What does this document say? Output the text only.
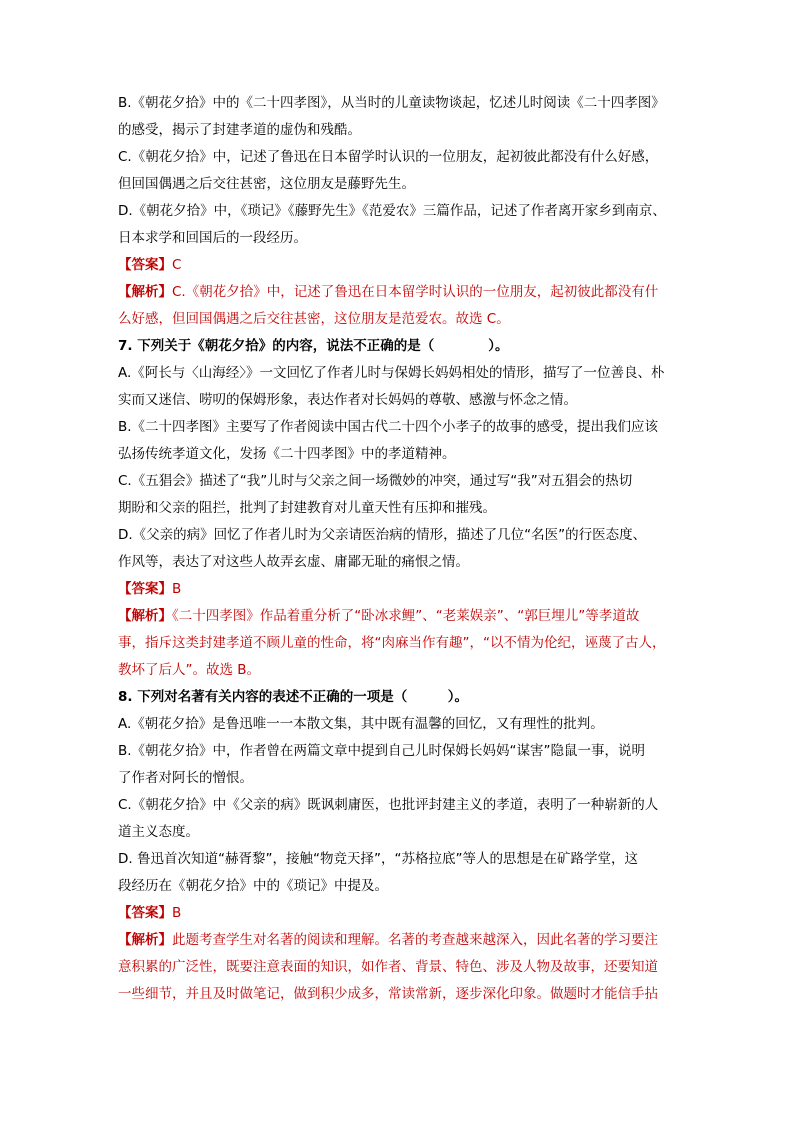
B.《朝花夕拾》中的《二十四孝图》，从当时的儿童读物谈起，忆述儿时阅读《二十四孝图》
的感受，揭示了封建孝道的虚伪和残酷。
C.《朝花夕拾》中，记述了鲁迅在日本留学时认识的一位朋友，起初彼此都没有什么好感，
但回国偶遇之后交往甚密，这位朋友是藤野先生。
D.《朝花夕拾》中，《琐记》《藤野先生》《范爱农》三篇作品，记述了作者离开家乡到南京、
日本求学和回国后的一段经历。
【答案】C
【解析】C.《朝花夕拾》中，记述了鲁迅在日本留学时认识的一位朋友，起初彼此都没有什
么好感，但回国偶遇之后交往甚密，这位朋友是范爱农。故选 C。
7. 下列关于《朝花夕拾》的内容，说法不正确的是（　　　　）。
A.《阿长与〈山海经〉》一文回忆了作者儿时与保姆长妈妈相处的情形，描写了一位善良、朴
实而又迷信、唠叨的保姆形象，表达作者对长妈妈的尊敬、感激与怀念之情。
B.《二十四孝图》主要写了作者阅读中国古代二十四个小孝子的故事的感受，提出我们应该
弘扬传统孝道文化，发扬《二十四孝图》中的孝道精神。
C.《五猖会》描述了“我”儿时与父亲之间一场微妙的冲突，通过写“我”对五猖会的热切
期盼和父亲的阻拦，批判了封建教育对儿童天性有压抑和摧残。
D.《父亲的病》回忆了作者儿时为父亲请医治病的情形，描述了几位“名医”的行医态度、
作风等，表达了对这些人故弄玄虚、庸鄙无耻的痛恨之情。
【答案】B
【解析】《二十四孝图》作品着重分析了“卧冰求鲤”、“老莱娱亲”、“郭巨埋儿”等孝道故
事，指斥这类封建孝道不顾儿童的性命，将“肉麻当作有趣”，“以不情为伦纪，诬蔑了古人，
教坏了后人”。故选 B。
8. 下列对名著有关内容的表述不正确的一项是（　　　）。
A.《朝花夕拾》是鲁迅唯一一本散文集，其中既有温馨的回忆，又有理性的批判。
B.《朝花夕拾》中，作者曾在两篇文章中提到自己儿时保姆长妈妈“谋害”隐鼠一事，说明
了作者对阿长的憎恨。
C.《朝花夕拾》中《父亲的病》既讽刺庸医，也批评封建主义的孝道，表明了一种崭新的人
道主义态度。
D. 鲁迅首次知道“赫胥黎”，接触“物竞天择”，“苏格拉底”等人的思想是在矿路学堂，这
段经历在《朝花夕拾》中的《琐记》中提及。
【答案】B
【解析】此题考查学生对名著的阅读和理解。名著的考查越来越深入，因此名著的学习要注
意积累的广泛性，既要注意表面的知识，如作者、背景、特色、涉及人物及故事，还要知道
一些细节，并且及时做笔记，做到积少成多，常读常新，逐步深化印象。做题时才能信手拈
